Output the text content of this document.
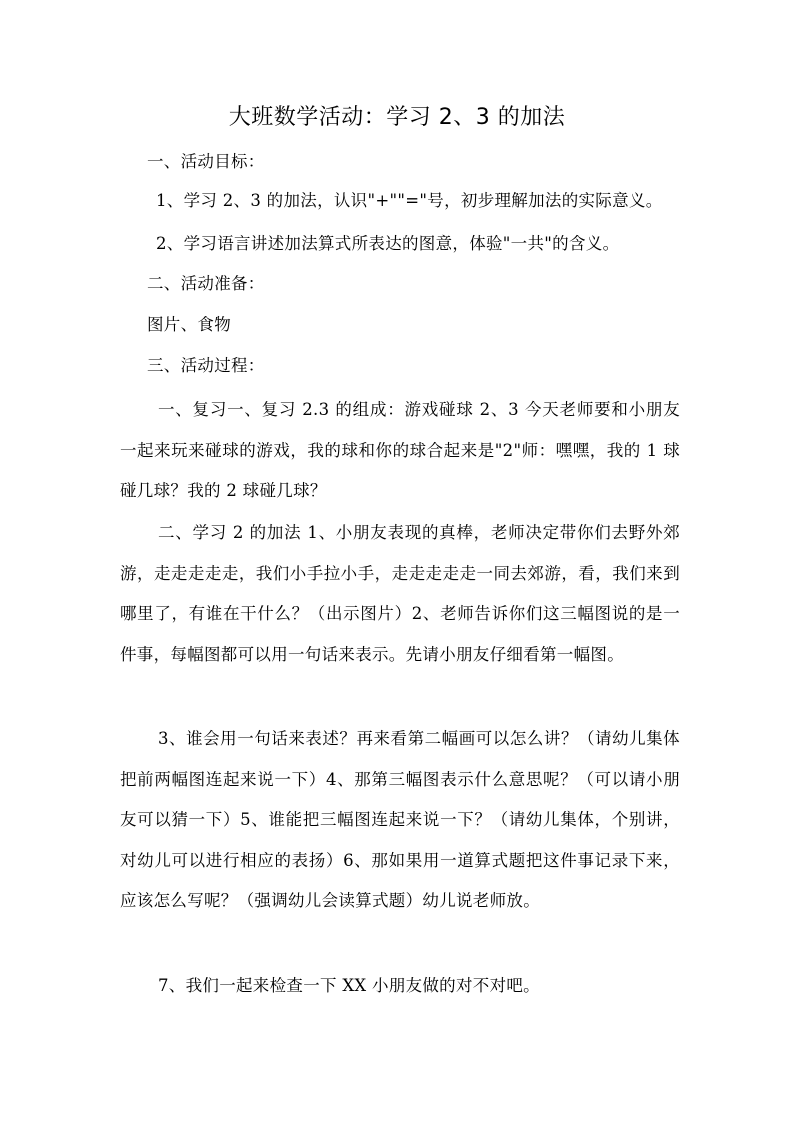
大班数学活动：学习 2、3 的加法
一、活动目标：
1、学习 2、3 的加法，认识"+""="号，初步理解加法的实际意义。
2、学习语言讲述加法算式所表达的图意，体验"一共"的含义。
二、活动准备：
图片、食物
三、活动过程：

一、复习一、复习 2.3 的组成：游戏碰球 2、3 今天老师要和小朋友一起来玩来碰球的游戏，我的球和你的球合起来是"2"师：嘿嘿，我的 1 球碰几球？我的 2 球碰几球？

二、学习 2 的加法 1、小朋友表现的真棒，老师决定带你们去野外郊游，走走走走走，我们小手拉小手，走走走走走一同去郊游，看，我们来到哪里了，有谁在干什么？（出示图片）2、老师告诉你们这三幅图说的是一件事，每幅图都可以用一句话来表示。先请小朋友仔细看第一幅图。

3、谁会用一句话来表述？再来看第二幅画可以怎么讲？（请幼儿集体把前两幅图连起来说一下）4、那第三幅图表示什么意思呢？（可以请小朋友可以猜一下）5、谁能把三幅图连起来说一下？（请幼儿集体，个别讲，对幼儿可以进行相应的表扬）6、那如果用一道算式题把这件事记录下来，应该怎么写呢？（强调幼儿会读算式题）幼儿说老师放。

7、我们一起来检查一下 XX 小朋友做的对不对吧。
